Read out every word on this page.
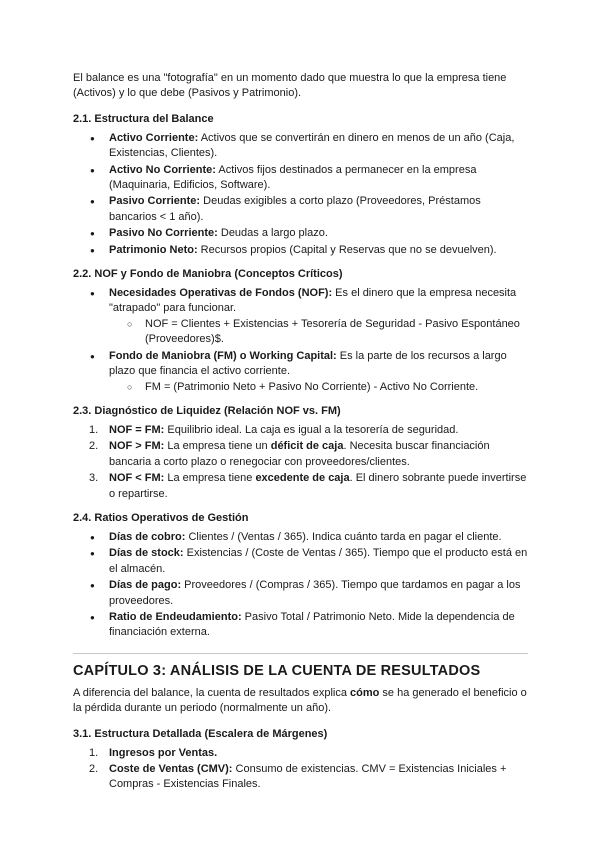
El balance es una "fotografía" en un momento dado que muestra lo que la empresa tiene (Activos) y lo que debe (Pasivos y Patrimonio).

2.1. Estructura del Balance
● Activo Corriente: Activos que se convertirán en dinero en menos de un año (Caja, Existencias, Clientes).
● Activo No Corriente: Activos fijos destinados a permanecer en la empresa (Maquinaria, Edificios, Software).
● Pasivo Corriente: Deudas exigibles a corto plazo (Proveedores, Préstamos bancarios < 1 año).
● Pasivo No Corriente: Deudas a largo plazo.
● Patrimonio Neto: Recursos propios (Capital y Reservas que no se devuelven).
2.2. NOF y Fondo de Maniobra (Conceptos Críticos)
● Necesidades Operativas de Fondos (NOF): Es el dinero que la empresa necesita "atrapado" para funcionar.
○ NOF = Clientes + Existencias + Tesorería de Seguridad - Pasivo Espontáneo (Proveedores)$.
● Fondo de Maniobra (FM) o Working Capital: Es la parte de los recursos a largo plazo que financia el activo corriente.
○ FM = (Patrimonio Neto + Pasivo No Corriente) - Activo No Corriente.
2.3. Diagnóstico de Liquidez (Relación NOF vs. FM)
1. NOF = FM: Equilibrio ideal. La caja es igual a la tesorería de seguridad.
2. NOF > FM: La empresa tiene un déficit de caja. Necesita buscar financiación bancaria a corto plazo o renegociar con proveedores/clientes.
3. NOF < FM: La empresa tiene excedente de caja. El dinero sobrante puede invertirse o repartirse.
2.4. Ratios Operativos de Gestión
● Días de cobro: Clientes / (Ventas / 365). Indica cuánto tarda en pagar el cliente.
● Días de stock: Existencias / (Coste de Ventas / 365). Tiempo que el producto está en el almacén.
● Días de pago: Proveedores / (Compras / 365). Tiempo que tardamos en pagar a los proveedores.
● Ratio de Endeudamiento: Pasivo Total / Patrimonio Neto. Mide la dependencia de financiación externa.
CAPÍTULO 3: ANÁLISIS DE LA CUENTA DE RESULTADOS

A diferencia del balance, la cuenta de resultados explica cómo se ha generado el beneficio o la pérdida durante un periodo (normalmente un año).

3.1. Estructura Detallada (Escalera de Márgenes)
1. Ingresos por Ventas.
2. Coste de Ventas (CMV): Consumo de existencias. CMV = Existencias Iniciales + Compras - Existencias Finales.
